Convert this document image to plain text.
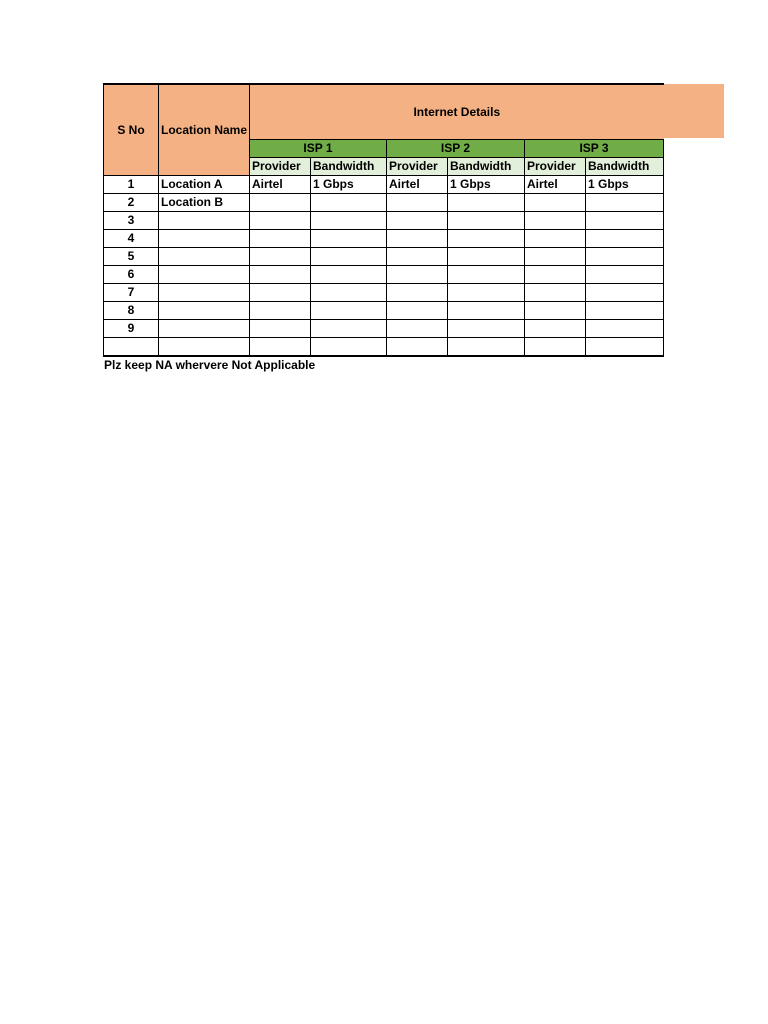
S No	Location Name	Internet Details					
		ISP 1		ISP 2		ISP 3	
		Provider	Bandwidth	Provider	Bandwidth	Provider	Bandwidth
1	Location A	Airtel	1 Gbps	Airtel	1 Gbps	Airtel	1 Gbps
2	Location B						
3							
4							
5							
6							
7							
8							
9							

Plz keep NA whervere Not Applicable
